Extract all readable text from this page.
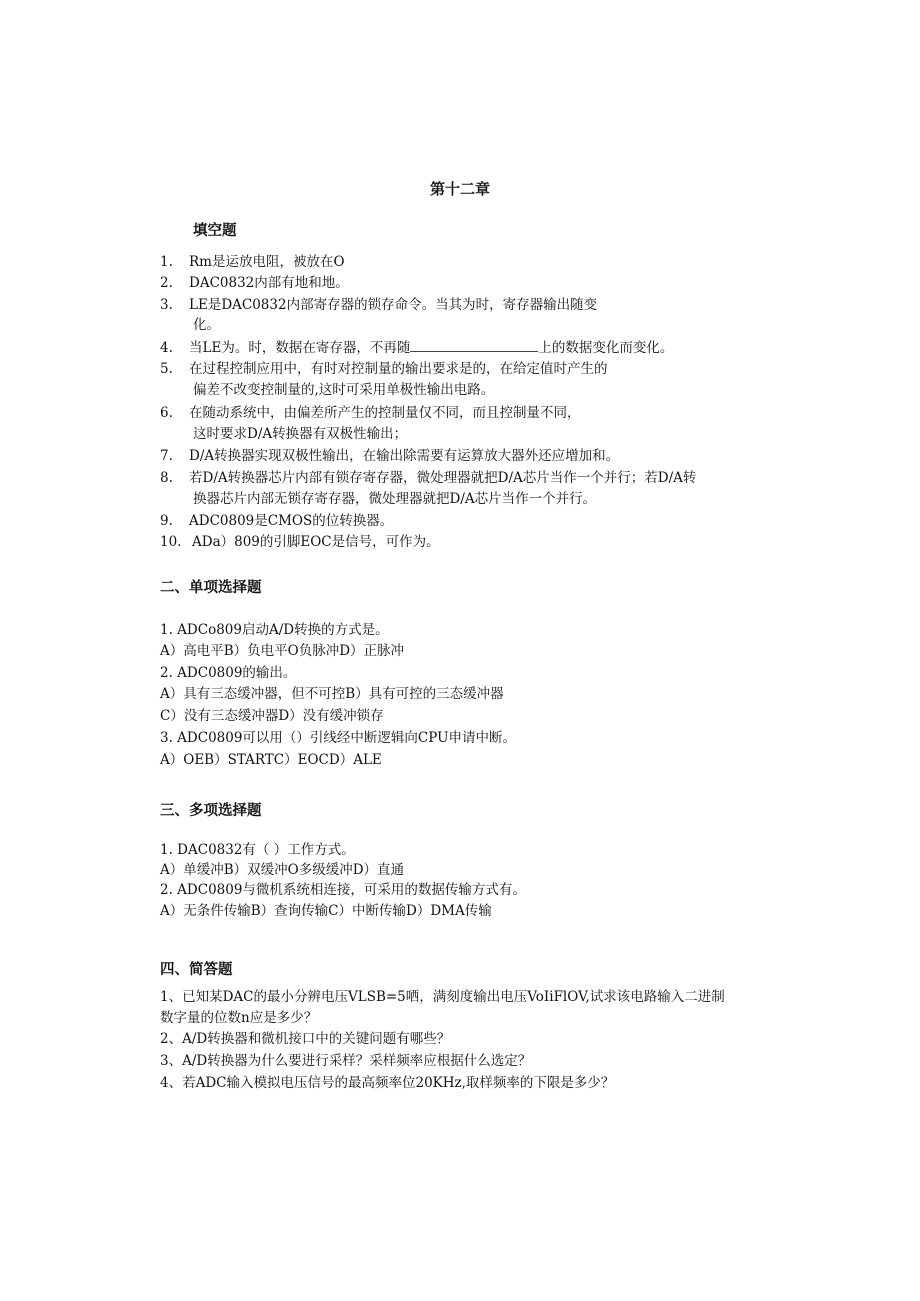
第十二章
填空题
1. Rm是运放电阻，被放在O
2. DAC0832内部有地和地。
3. LE是DAC0832内部寄存器的锁存命令。当其为时，寄存器输出随变
化。
4. 当LE为。时，数据在寄存器，不再随	上的数据变化而变化。
5. 在过程控制应用中，有时对控制量的输出要求是的，在给定值时产生的
偏差不改变控制量的,这时可采用单极性输出电路。
6. 在随动系统中，由偏差所产生的控制量仅不同，而且控制量不同，
这时要求D/A转换器有双极性输出；
7. D/A转换器实现双极性输出，在输出除需要有运算放大器外还应增加和。
8. 若D/A转换器芯片内部有锁存寄存器，微处理器就把D/A芯片当作一个并行；若D/A转
换器芯片内部无锁存寄存器，微处理器就把D/A芯片当作一个并行。
9. ADC0809是CMOS的位转换器。
10. ADa）809的引脚EOC是信号，可作为。
二、单项选择题
1. ADCo809启动A/D转换的方式是。
A）高电平B）负电平O负脉冲D）正脉冲
2. ADC0809的输出。
A）具有三态缓冲器，但不可控B）具有可控的三态缓冲器
C）没有三态缓冲器D）没有缓冲锁存
3. ADC0809可以用（）引线经中断逻辑向CPU申请中断。
A）OEB）STARTC）EOCD）ALE
三、多项选择题
1. DAC0832有（ ）工作方式。
A）单缓冲B）双缓冲O多级缓冲D）直通
2. ADC0809与微机系统相连接，可采用的数据传输方式有。
A）无条件传输B）查询传输C）中断传输D）DMA传输
四、简答题
1、已知某DAC的最小分辨电压VLSB=5哂，满刻度输出电压VoIiFlOV,试求该电路输入二进制
数字量的位数n应是多少？
2、A/D转换器和微机接口中的关键问题有哪些？
3、A/D转换器为什么要进行采样？采样频率应根据什么选定？
4、若ADC输入模拟电压信号的最高频率位20KHz,取样频率的下限是多少？
